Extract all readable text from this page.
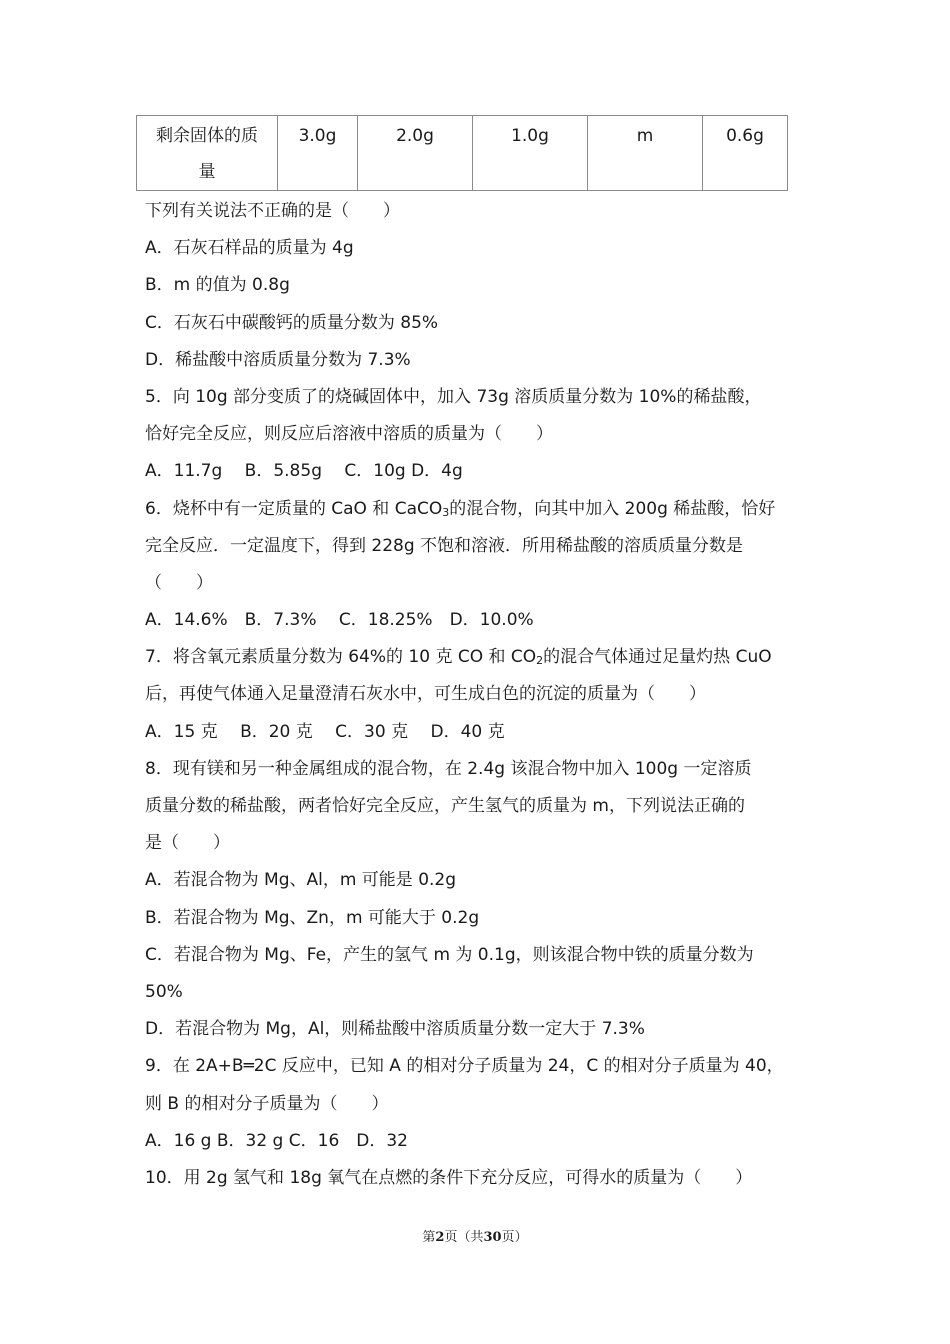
剩余固体的质
量
	3.0g	2.0g	1.0g	m	0.6g
下列有关说法不正确的是（　　）
A．石灰石样品的质量为 4g
B．m 的值为 0.8g
C．石灰石中碳酸钙的质量分数为 85%
D．稀盐酸中溶质质量分数为 7.3%
5．向 10g 部分变质了的烧碱固体中，加入 73g 溶质质量分数为 10%的稀盐酸，
恰好完全反应，则反应后溶液中溶质的质量为（　　）
A．11.7g　 B．5.85g　 C．10g D．4g
6．烧杯中有一定质量的 CaO 和 CaCO$_3$的混合物，向其中加入 200g 稀盐酸，恰好
完全反应．一定温度下，得到 228g 不饱和溶液．所用稀盐酸的溶质质量分数是
（　　）
A．14.6%　B．7.3%　 C．18.25%　D．10.0%
7．将含氧元素质量分数为 64%的 10 克 CO 和 $CO_2$的混合气体通过足量灼热 CuO
后，再使气体通入足量澄清石灰水中，可生成白色的沉淀的质量为（　　）
A．15 克　 B．20 克　 C．30 克　 D．40 克
8．现有镁和另一种金属组成的混合物，在 2.4g 该混合物中加入 100g 一定溶质
质量分数的稀盐酸，两者恰好完全反应，产生氢气的质量为 m，下列说法正确的
是（　　）
A．若混合物为 Mg、Al，m 可能是 0.2g
B．若混合物为 Mg、Zn，m 可能大于 0.2g
C．若混合物为 Mg、Fe，产生的氢气 m 为 0.1g，则该混合物中铁的质量分数为
50%
D．若混合物为 Mg，Al，则稀盐酸中溶质质量分数一定大于 7.3%
9．在 2A+B═2C 反应中，已知 A 的相对分子质量为 24，C 的相对分子质量为 40，
则 B 的相对分子质量为（　　）
A．16 g B．32 g C．16　D．32
10．用 2g 氢气和 18g 氧气在点燃的条件下充分反应，可得水的质量为（　　）
第2页（共30页）
